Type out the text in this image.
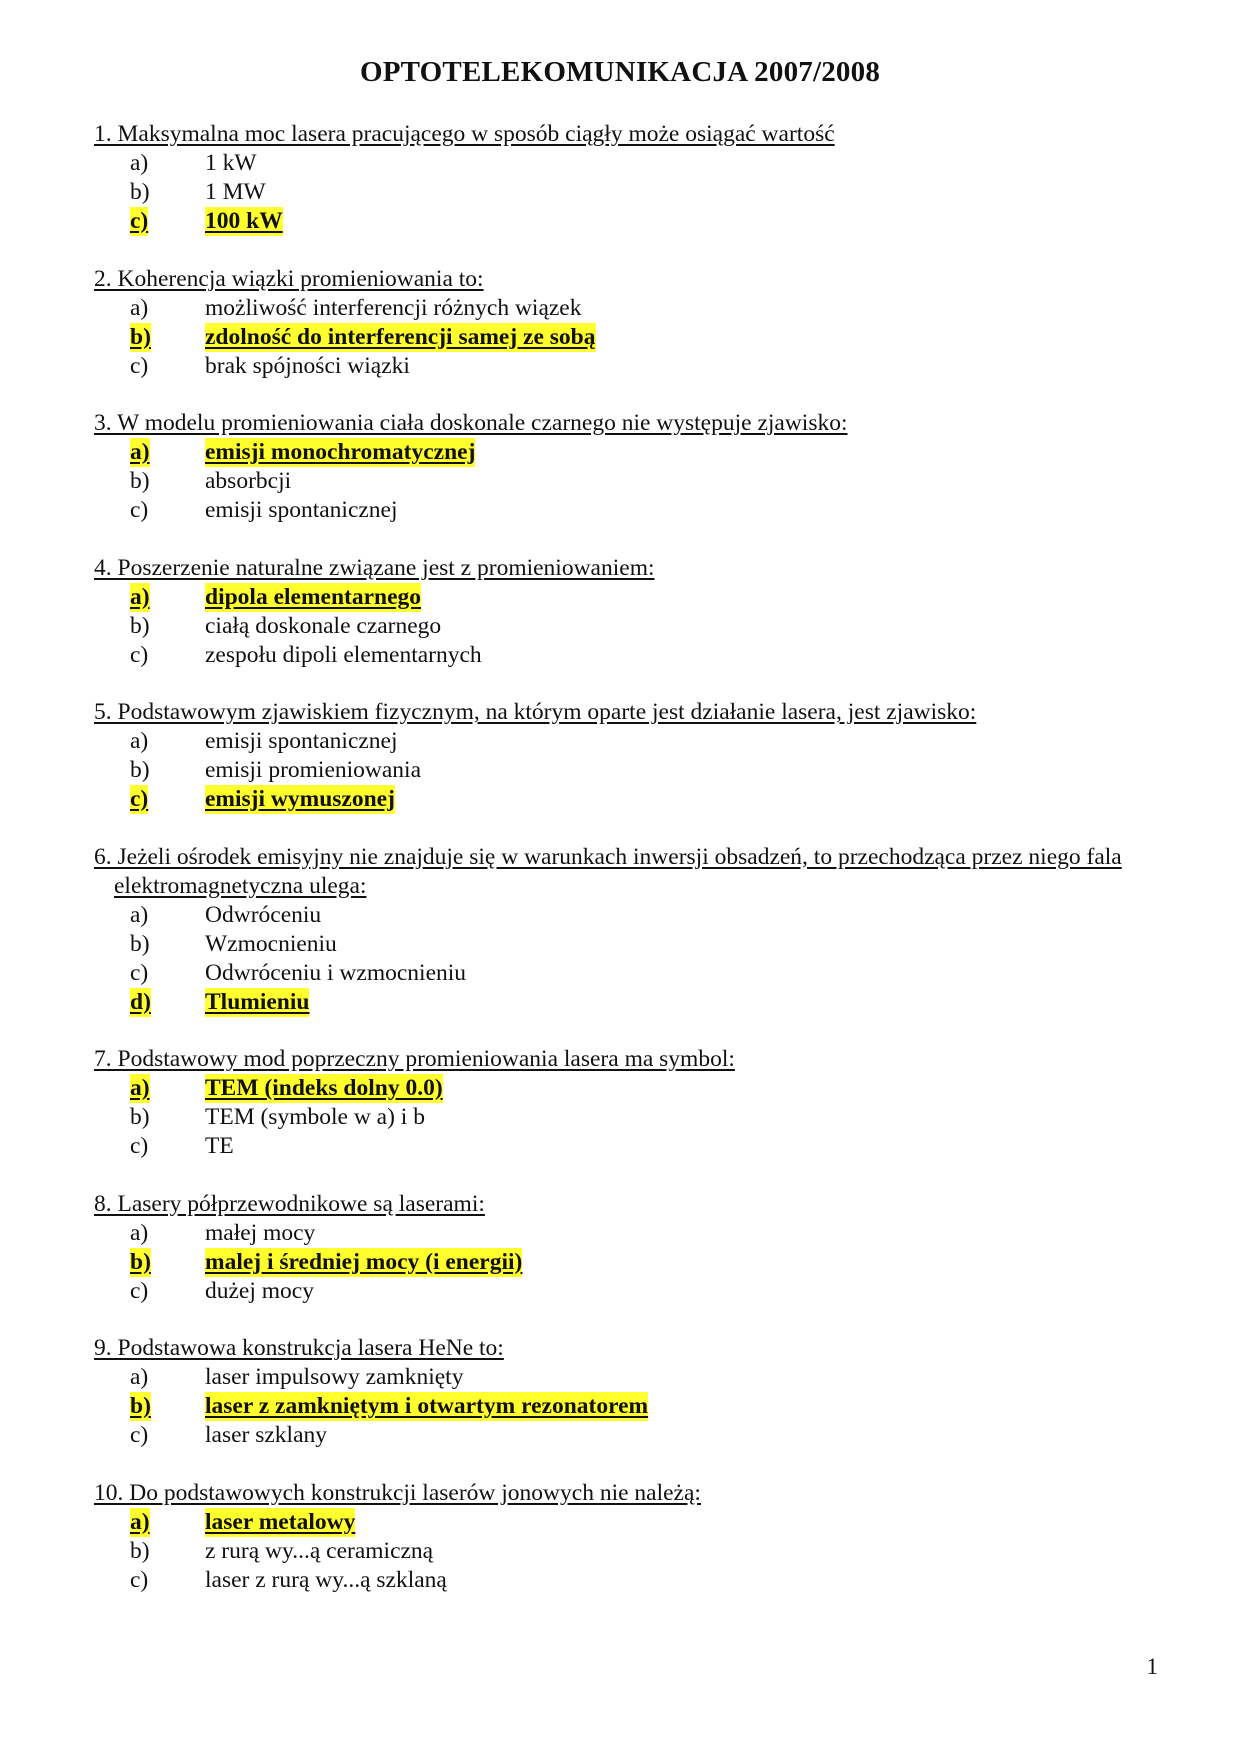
OPTOTELEKOMUNIKACJA 2007/2008
1. Maksymalna moc lasera pracującego w sposób ciągły może osiągać wartość
a) 1 kW
b) 1 MW
c) 100 kW
2. Koherencja wiązki promieniowania to:
a) możliwość interferencji różnych wiązek
b) zdolność do interferencji samej ze sobą
c) brak spójności wiązki
3. W modelu promieniowania ciała doskonale czarnego nie występuje zjawisko:
a) emisji monochromatycznej
b) absorbcji
c) emisji spontanicznej
4. Poszerzenie naturalne związane jest z promieniowaniem:
a) dipola elementarnego
b) ciałą doskonale czarnego
c) zespołu dipoli elementarnych
5. Podstawowym zjawiskiem fizycznym, na którym oparte jest działanie lasera, jest zjawisko:
a) emisji spontanicznej
b) emisji promieniowania
c) emisji wymuszonej
6. Jeżeli ośrodek emisyjny nie znajduje się w warunkach inwersji obsadzeń, to przechodząca przez niego fala elektromagnetyczna ulega:
a) Odwróceniu
b) Wzmocnieniu
c) Odwróceniu i wzmocnieniu
d) Tlumieniu
7. Podstawowy mod poprzeczny promieniowania lasera ma symbol:
a) TEM (indeks dolny 0.0)
b) TEM (symbole w a) i b
c) TE
8. Lasery półprzewodnikowe są laserami:
a) małej mocy
b) malej i średniej mocy (i energii)
c) dużej mocy
9. Podstawowa konstrukcja lasera HeNe to:
a) laser impulsowy zamknięty
b) laser z zamkniętym i otwartym rezonatorem
c) laser szklany
10. Do podstawowych konstrukcji laserów jonowych nie należą:
a) laser metalowy
b) z rurą wy...ą ceramiczną
c) laser z rurą wy...ą szklaną
1
